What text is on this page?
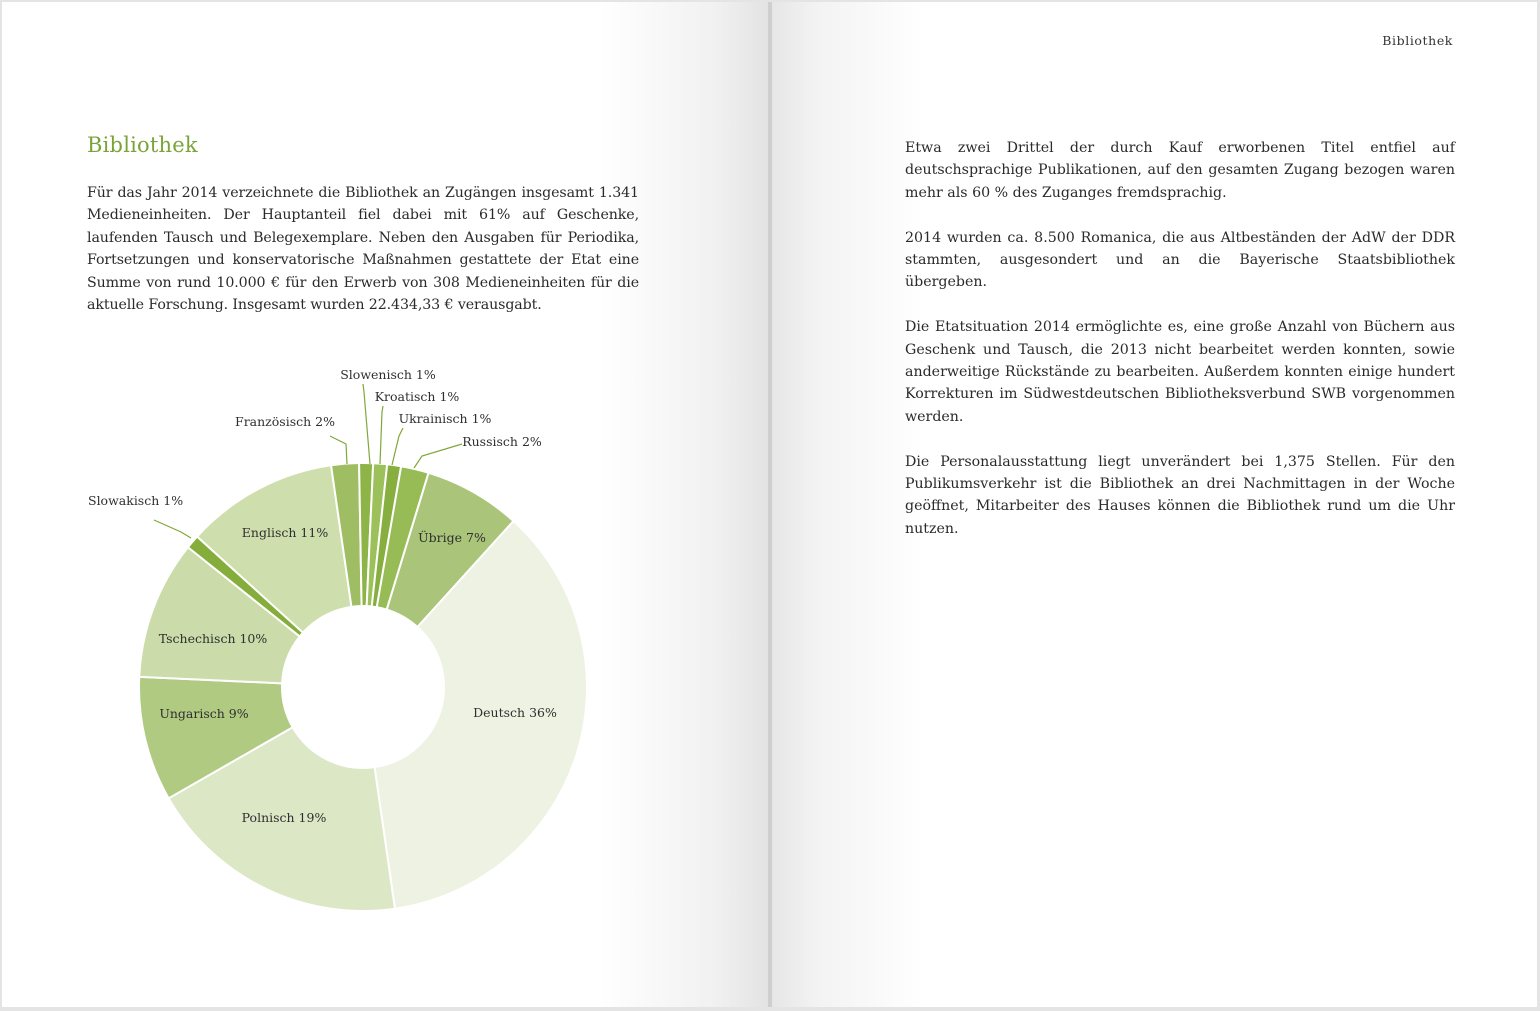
Bibliothek

Für das Jahr 2014 verzeichnete die Bibliothek an Zugängen insgesamt 1.341 Medieneinheiten. Der Hauptanteil fiel dabei mit 61% auf Geschenke, laufenden Tausch und Belegexemplare. Neben den Ausgaben für Periodika, Fortsetzungen und konservatorische Maßnahmen gestattete der Etat eine Summe von rund 10.000 € für den Erwerb von 308 Medieneinheiten für die aktuelle Forschung. Insgesamt wurden 22.434,33 € verausgabt.

Übrige 7%
Deutsch 36%
Polnisch 19%
Ungarisch 9%
Tschechisch 10%
Slowakisch 1%
Englisch 11%
Französisch 2%
Slowenisch 1%
Kroatisch 1%
Ukrainisch 1%
Russisch 2%
Bibliothek

Etwa zwei Drittel der durch Kauf erworbenen Titel entfiel auf deutschsprachige Publikationen, auf den gesamten Zugang bezogen waren mehr als 60 % des Zuganges fremdsprachig.

2014 wurden ca. 8.500 Romanica, die aus Altbeständen der AdW der DDR stammten, ausgesondert und an die Bayerische Staatsbibliothek übergeben.

Die Etatsituation 2014 ermöglichte es, eine große Anzahl von Büchern aus Geschenk und Tausch, die 2013 nicht bearbeitet werden konnten, sowie anderweitige Rückstände zu bearbeiten. Außerdem konnten einige hundert Korrekturen im Südwestdeutschen Bibliotheksverbund SWB vorgenommen werden.

Die Personalausstattung liegt unverändert bei 1,375 Stellen. Für den Publikumsverkehr ist die Bibliothek an drei Nachmittagen in der Woche geöffnet, Mitarbeiter des Hauses können die Bibliothek rund um die Uhr nutzen.
